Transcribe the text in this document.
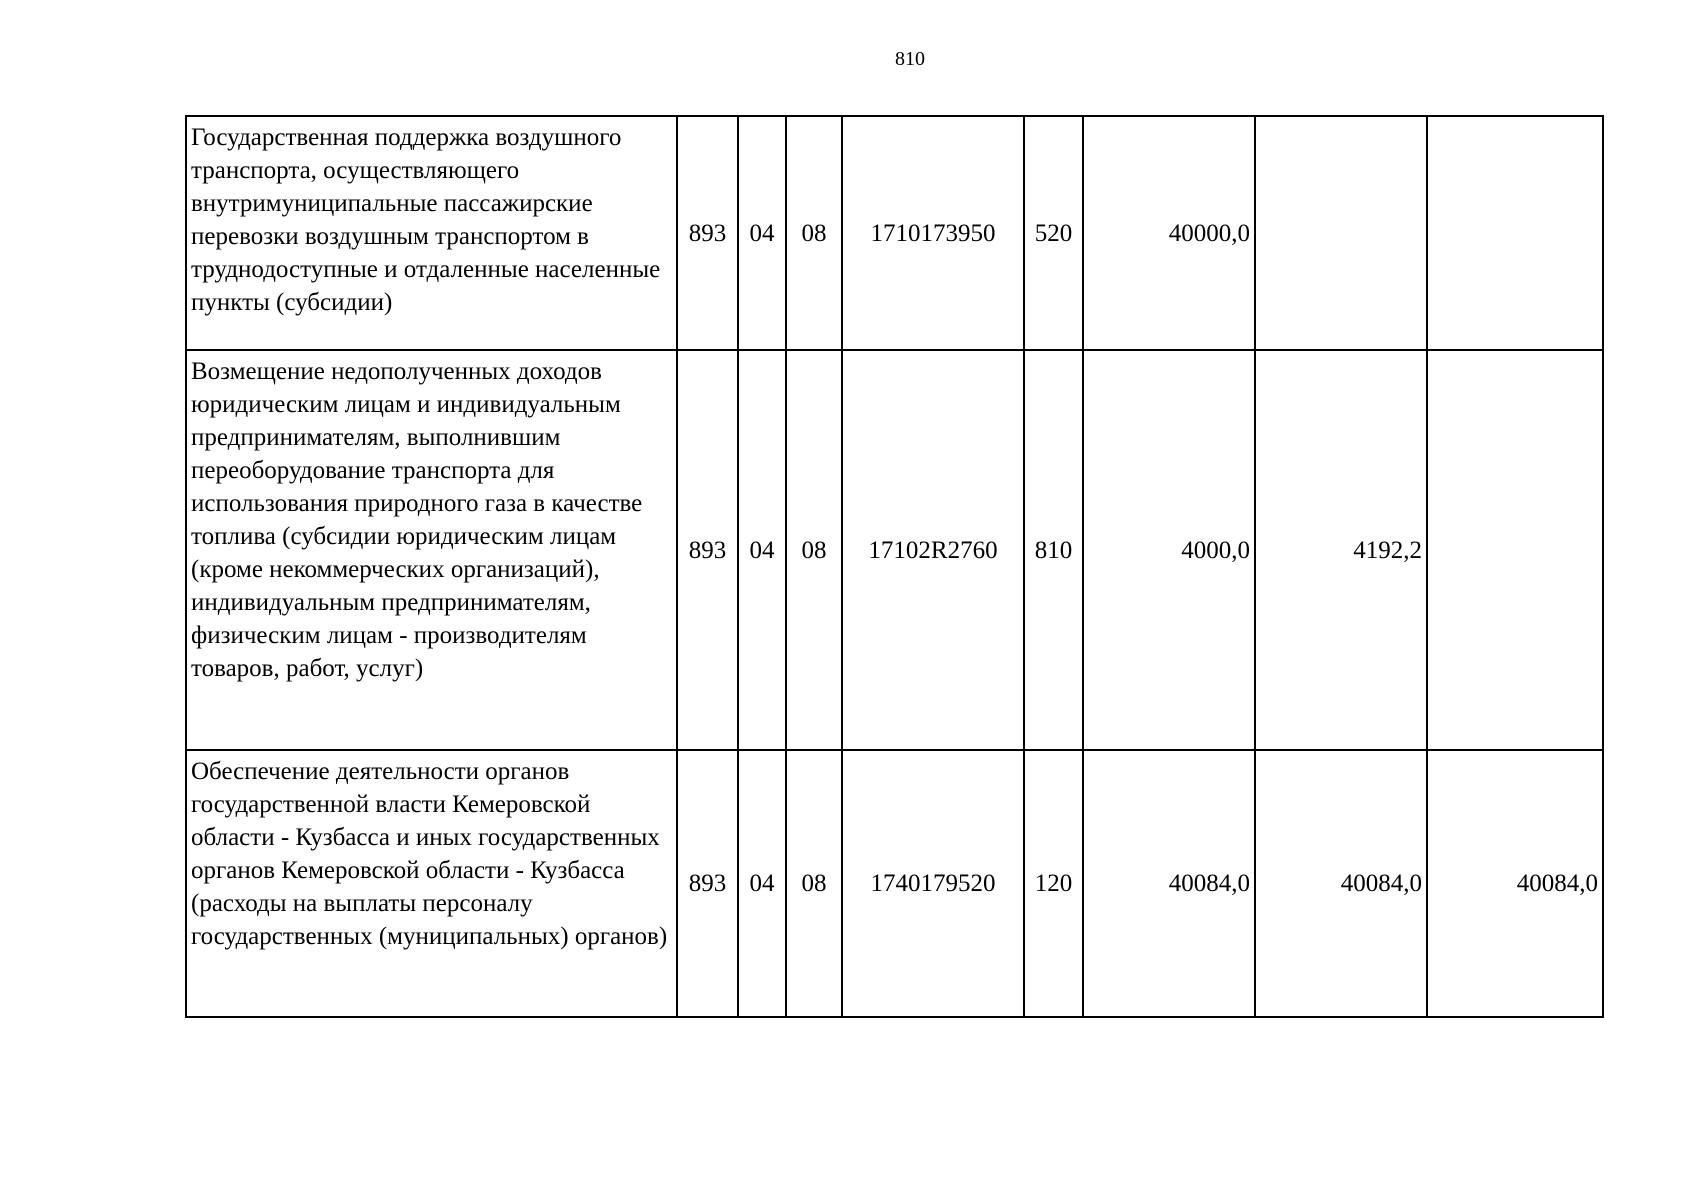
810
Государственная поддержка воздушного транспорта, осуществляющего внутримуниципальные пассажирские перевозки воздушным транспортом в труднодоступные и отдаленные населенные пункты (субсидии)	893	04	08	1710173950	520	40000,0		
Возмещение недополученных доходов юридическим лицам и индивидуальным предпринимателям, выполнившим переоборудование транспорта для использования природного газа в качестве топлива (субсидии юридическим лицам (кроме некоммерческих организаций), индивидуальным предпринимателям, физическим лицам - производителям товаров, работ, услуг)	893	04	08	17102R2760	810	4000,0	4192,2	
Обеспечение деятельности органов государственной власти Кемеровской области - Кузбасса и иных государственных органов Кемеровской области - Кузбасса (расходы на выплаты персоналу государственных (муниципальных) органов)	893	04	08	1740179520	120	40084,0	40084,0	40084,0
